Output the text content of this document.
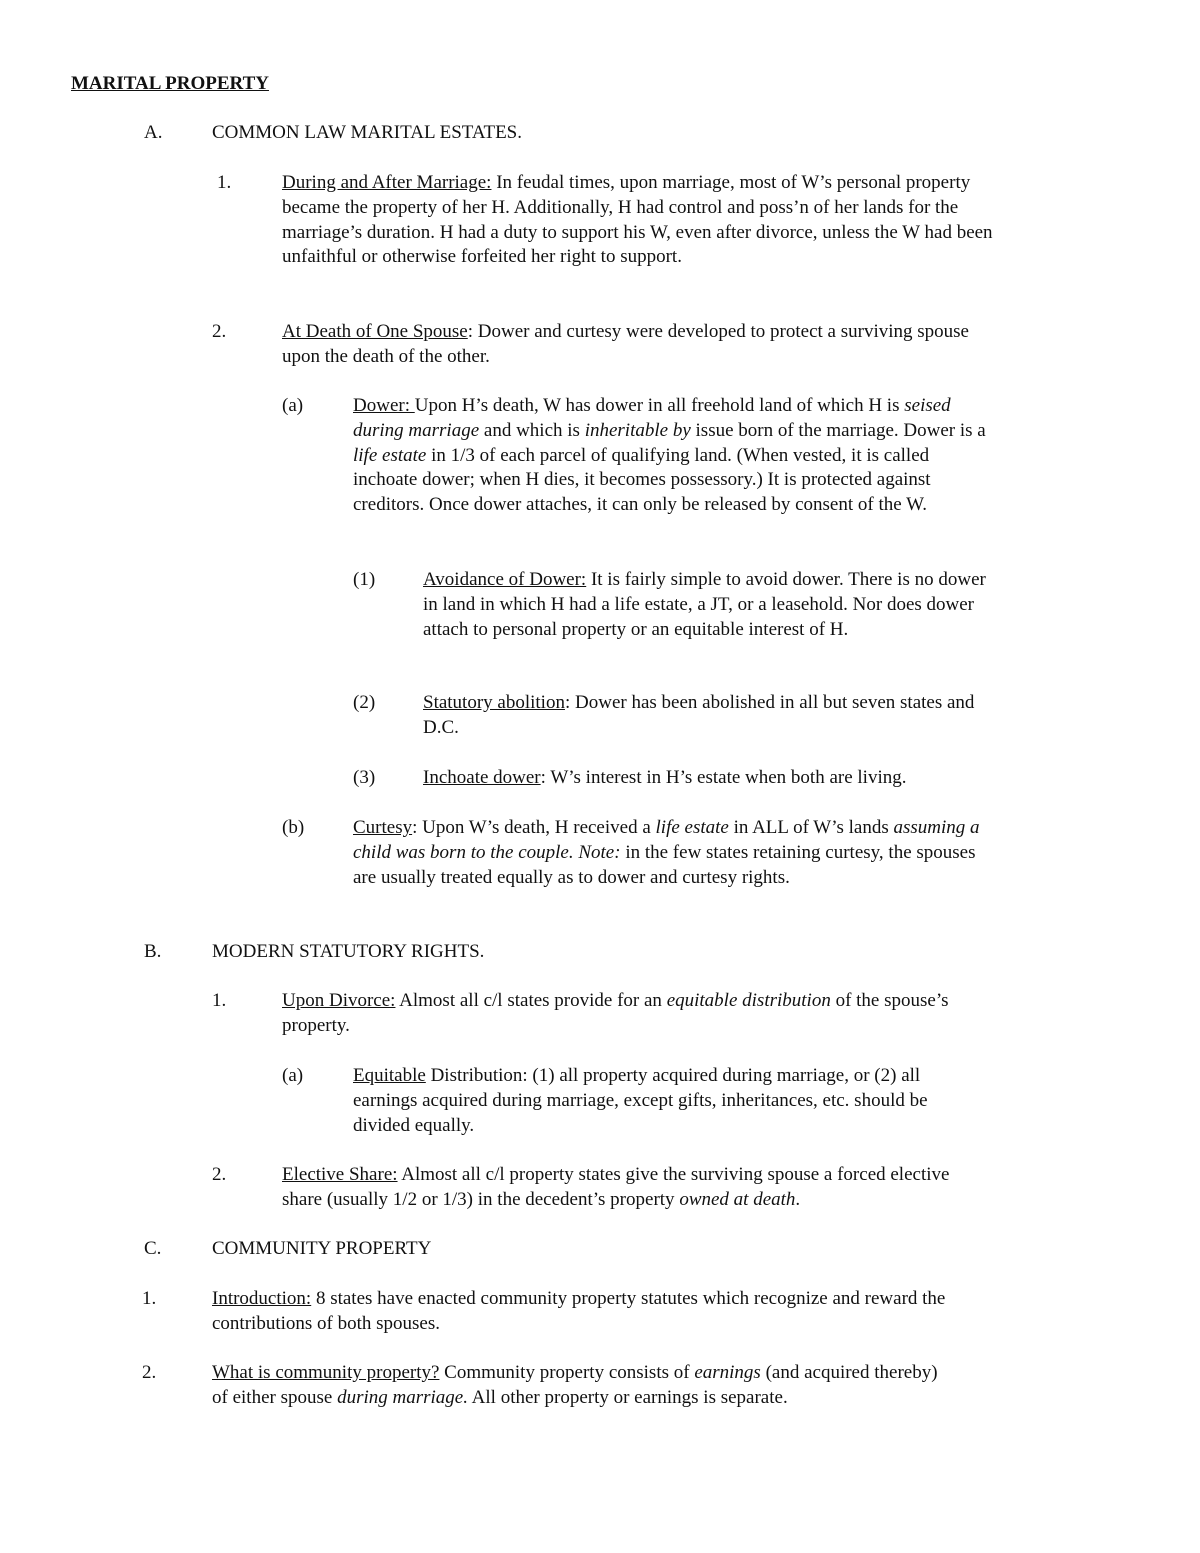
MARITAL PROPERTY
A.	COMMON LAW MARITAL ESTATES.
1.	During and After Marriage: In feudal times, upon marriage, most of W’s personal property became the property of her H. Additionally, H had control and poss’n of her lands for the marriage’s duration. H had a duty to support his W, even after divorce, unless the W had been unfaithful or otherwise forfeited her right to support.
2.	At Death of One Spouse: Dower and curtesy were developed to protect a surviving spouse upon the death of the other.
(a)	Dower: Upon H’s death, W has dower in all freehold land of which H is seised during marriage and which is inheritable by issue born of the marriage. Dower is a life estate in 1/3 of each parcel of qualifying land. (When vested, it is called inchoate dower; when H dies, it becomes possessory.) It is protected against creditors. Once dower attaches, it can only be released by consent of the W.
(1)	Avoidance of Dower: It is fairly simple to avoid dower. There is no dower in land in which H had a life estate, a JT, or a leasehold. Nor does dower attach to personal property or an equitable interest of H.
(2)	Statutory abolition: Dower has been abolished in all but seven states and D.C.
(3)	Inchoate dower: W’s interest in H’s estate when both are living.
(b)	Curtesy: Upon W’s death, H received a life estate in ALL of W’s lands assuming a child was born to the couple. Note: in the few states retaining curtesy, the spouses are usually treated equally as to dower and curtesy rights.
B.	MODERN STATUTORY RIGHTS.
1.	Upon Divorce: Almost all c/l states provide for an equitable distribution of the spouse’s property.
(a)	Equitable Distribution: (1) all property acquired during marriage, or (2) all earnings acquired during marriage, except gifts, inheritances, etc. should be divided equally.
2.	Elective Share: Almost all c/l property states give the surviving spouse a forced elective share (usually 1/2 or 1/3) in the decedent’s property owned at death.
C.	COMMUNITY PROPERTY
1.	Introduction: 8 states have enacted community property statutes which recognize and reward the contributions of both spouses.
2.	What is community property? Community property consists of earnings (and acquired thereby) of either spouse during marriage. All other property or earnings is separate.
